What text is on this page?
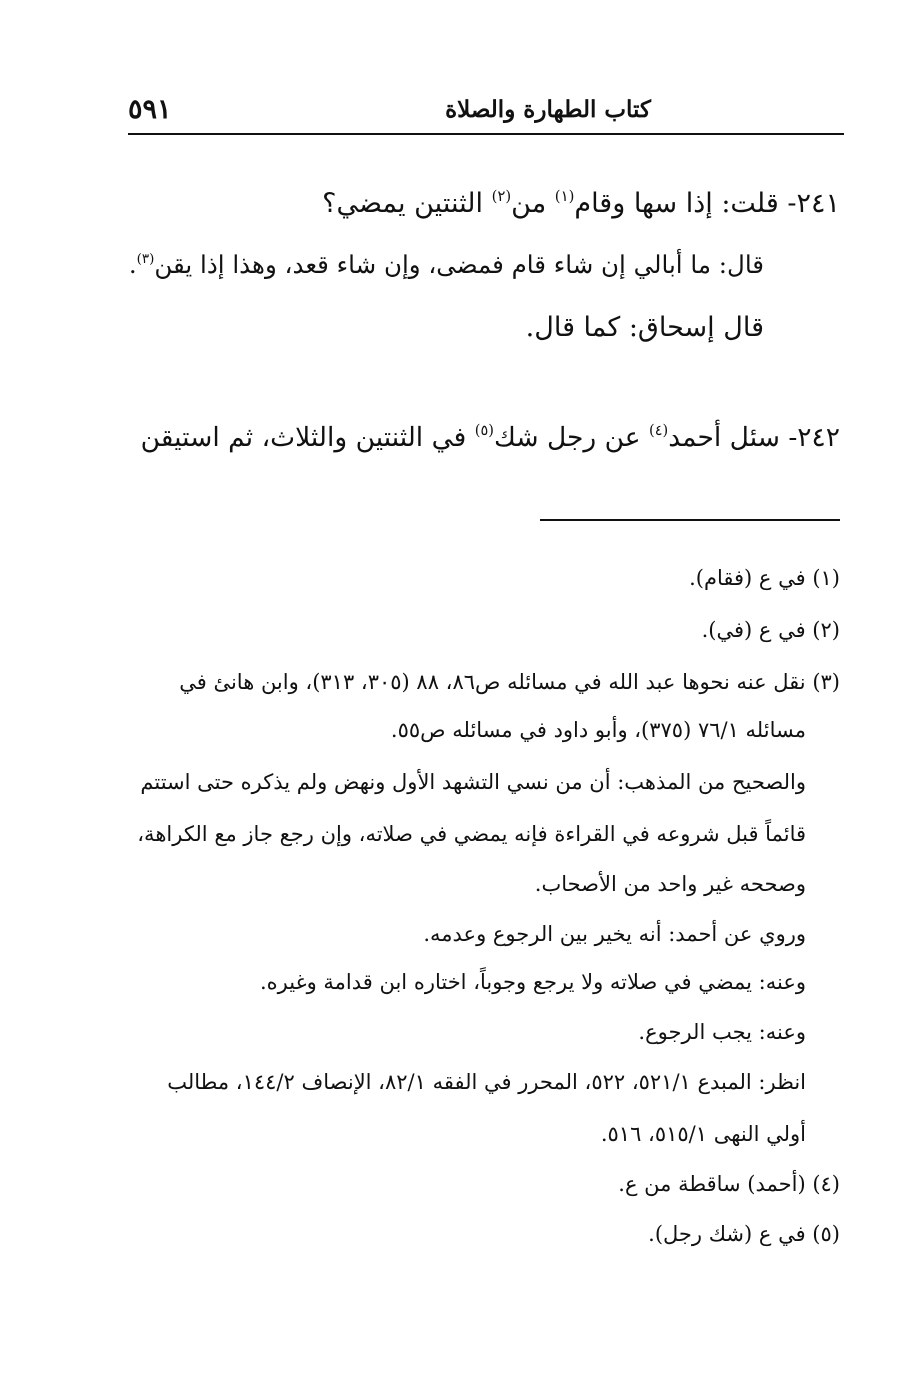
٥٩١	كتاب الطهارة والصلاة
٢٤١- قلت: إذا سها وقام$^{(١)}$ من$^{(٢)}$ الثنتين يمضي؟
قال: ما أبالي إن شاء قام فمضى، وإن شاء قعد، وهذا إذا يقن$^{(٣)}$.
قال إسحاق: كما قال.
٢٤٢- سئل أحمد$^{(٤)}$ عن رجل شك$^{(٥)}$ في الثنتين والثلاث، ثم استيقن
(١) في ع (فقام).
(٢) في ع (في).
(٣) نقل عنه نحوها عبد الله في مسائله ص٨٦، ٨٨ (٣٠٥، ٣١٣)، وابن هانئ في
مسائله ٧٦/١ (٣٧٥)، وأبو داود في مسائله ص٥٥.
والصحيح من المذهب: أن من نسي التشهد الأول ونهض ولم يذكره حتى استتم
قائماً قبل شروعه في القراءة فإنه يمضي في صلاته، وإن رجع جاز مع الكراهة،
وصححه غير واحد من الأصحاب.
وروي عن أحمد: أنه يخير بين الرجوع وعدمه.
وعنه: يمضي في صلاته ولا يرجع وجوباً، اختاره ابن قدامة وغيره.
وعنه: يجب الرجوع.
انظر: المبدع ٥٢١/١، ٥٢٢، المحرر في الفقه ٨٢/١، الإنصاف ١٤٤/٢، مطالب
أولي النهى ٥١٥/١، ٥١٦.
(٤) (أحمد) ساقطة من ع.
(٥) في ع (شك رجل).
